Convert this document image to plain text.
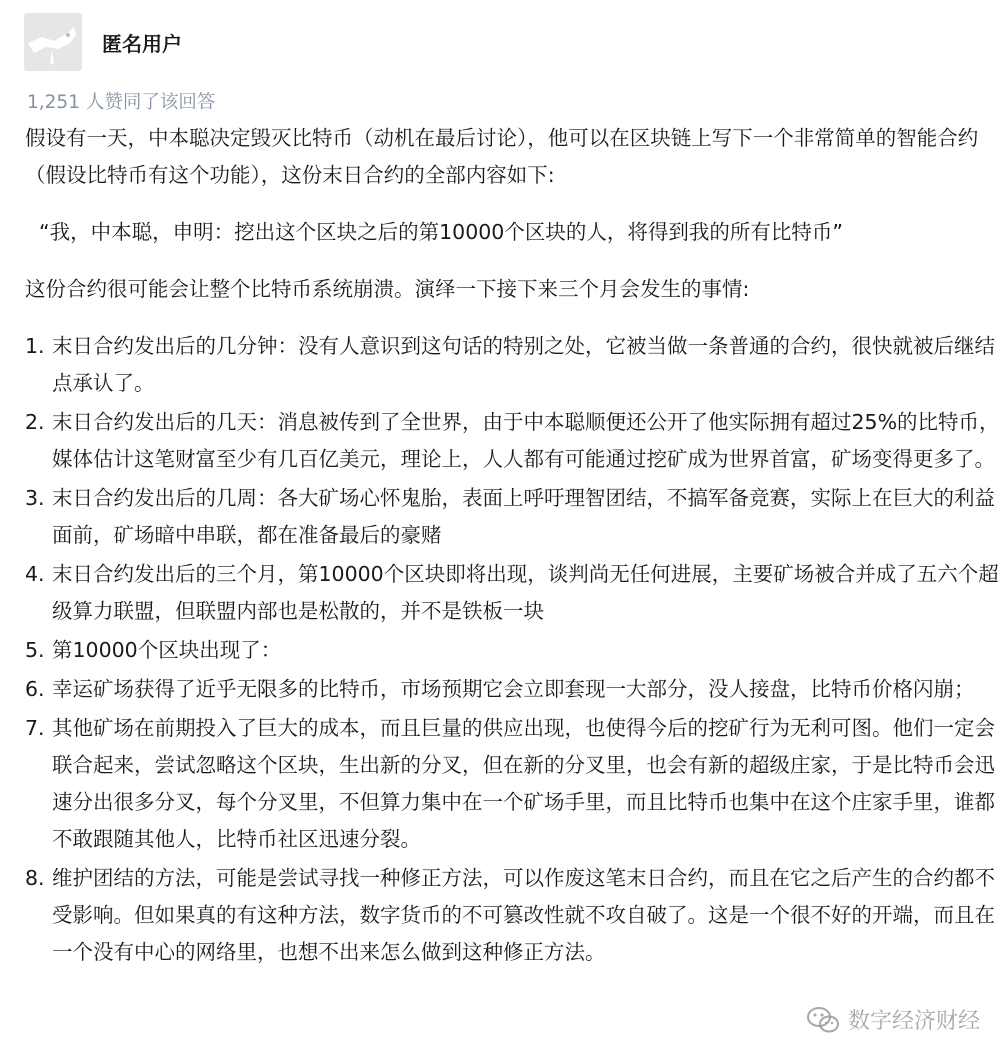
匿名用户
1,251 人赞同了该回答

假设有一天，中本聪决定毁灭比特币（动机在最后讨论），他可以在区块链上写下一个非常简单的智能合约（假设比特币有这个功能），这份末日合约的全部内容如下:

“我，中本聪，申明：挖出这个区块之后的第10000个区块的人，将得到我的所有比特币”

这份合约很可能会让整个比特币系统崩溃。演绎一下接下来三个月会发生的事情:

1. 末日合约发出后的几分钟：没有人意识到这句话的特别之处，它被当做一条普通的合约，很快就被后继结点承认了。
2. 末日合约发出后的几天：消息被传到了全世界，由于中本聪顺便还公开了他实际拥有超过25%的比特币，媒体估计这笔财富至少有几百亿美元，理论上，人人都有可能通过挖矿成为世界首富，矿场变得更多了。
3. 末日合约发出后的几周：各大矿场心怀鬼胎，表面上呼吁理智团结，不搞军备竞赛，实际上在巨大的利益面前，矿场暗中串联，都在准备最后的豪赌
4. 末日合约发出后的三个月，第10000个区块即将出现，谈判尚无任何进展，主要矿场被合并成了五六个超级算力联盟，但联盟内部也是松散的，并不是铁板一块
5. 第10000个区块出现了：
6. 幸运矿场获得了近乎无限多的比特币，市场预期它会立即套现一大部分，没人接盘，比特币价格闪崩；
7. 其他矿场在前期投入了巨大的成本，而且巨量的供应出现，也使得今后的挖矿行为无利可图。他们一定会联合起来，尝试忽略这个区块，生出新的分叉，但在新的分叉里，也会有新的超级庄家，于是比特币会迅速分出很多分叉，每个分叉里，不但算力集中在一个矿场手里，而且比特币也集中在这个庄家手里，谁都不敢跟随其他人，比特币社区迅速分裂。
8. 维护团结的方法，可能是尝试寻找一种修正方法，可以作废这笔末日合约，而且在它之后产生的合约都不受影响。但如果真的有这种方法，数字货币的不可篡改性就不攻自破了。这是一个很不好的开端，而且在一个没有中心的网络里，也想不出来怎么做到这种修正方法。
数字经济财经
